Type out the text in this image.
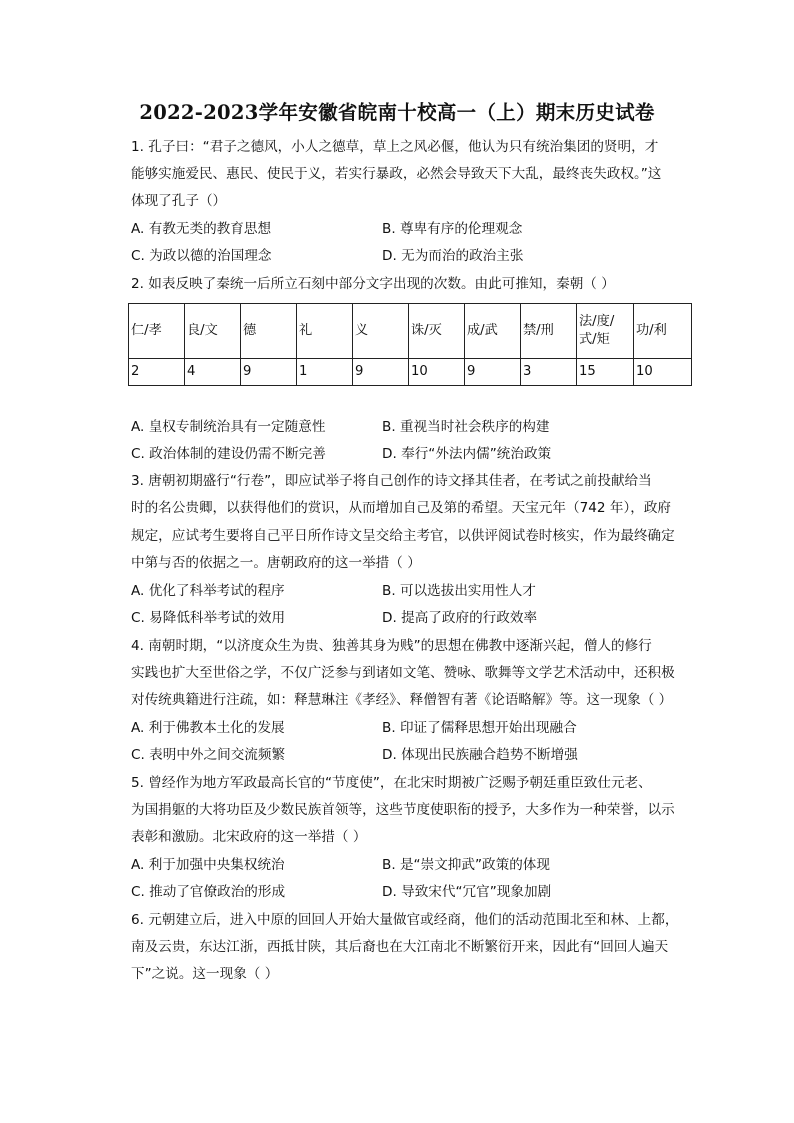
2022-2023学年安徽省皖南十校高一（上）期末历史试卷
1. 孔子曰：“君子之德风，小人之德草，草上之风必偃，他认为只有统治集团的贤明，才
能够实施爱民、惠民、使民于义，若实行暴政，必然会导致天下大乱，最终丧失政权。”这
体现了孔子（）
A. 有教无类的教育思想	B. 尊卑有序的伦理观念
C. 为政以德的治国理念	D. 无为而治的政治主张
2. 如表反映了秦统一后所立石刻中部分文字出现的次数。由此可推知，秦朝（ ）
仁/孝	良/文	德	礼	义	诛/灭	成/武	禁/刑	法/度/式/矩	功/利
2	4	9	1	9	10	9	3	15	10
A. 皇权专制统治具有一定随意性	B. 重视当时社会秩序的构建
C. 政治体制的建设仍需不断完善	D. 奉行“外法内儒”统治政策
3. 唐朝初期盛行“行卷”，即应试举子将自己创作的诗文择其佳者，在考试之前投献给当
时的名公贵卿，以获得他们的赏识，从而增加自己及第的希望。天宝元年（742 年），政府
规定，应试考生要将自己平日所作诗文呈交给主考官，以供评阅试卷时核实，作为最终确定
中第与否的依据之一。唐朝政府的这一举措（ ）
A. 优化了科举考试的程序	B. 可以选拔出实用性人才
C. 易降低科举考试的效用	D. 提高了政府的行政效率
4. 南朝时期，“以济度众生为贵、独善其身为贱”的思想在佛教中逐渐兴起，僧人的修行
实践也扩大至世俗之学，不仅广泛参与到诸如文笔、赞咏、歌舞等文学艺术活动中，还积极
对传统典籍进行注疏，如：释慧琳注《孝经》、释僧智有著《论语略解》等。这一现象（ ）
A. 利于佛教本土化的发展	B. 印证了儒释思想开始出现融合
C. 表明中外之间交流频繁	D. 体现出民族融合趋势不断增强
5. 曾经作为地方军政最高长官的“节度使”，在北宋时期被广泛赐予朝廷重臣致仕元老、
为国捐躯的大将功臣及少数民族首领等，这些节度使职衔的授予，大多作为一种荣誉，以示
表彰和激励。北宋政府的这一举措（ ）
A. 利于加强中央集权统治	B. 是“崇文抑武”政策的体现
C. 推动了官僚政治的形成	D. 导致宋代“冗官”现象加剧
6. 元朝建立后，进入中原的回回人开始大量做官或经商，他们的活动范围北至和林、上都，
南及云贵，东达江浙，西抵甘陕，其后裔也在大江南北不断繁衍开来，因此有“回回人遍天
下”之说。这一现象（ ）
